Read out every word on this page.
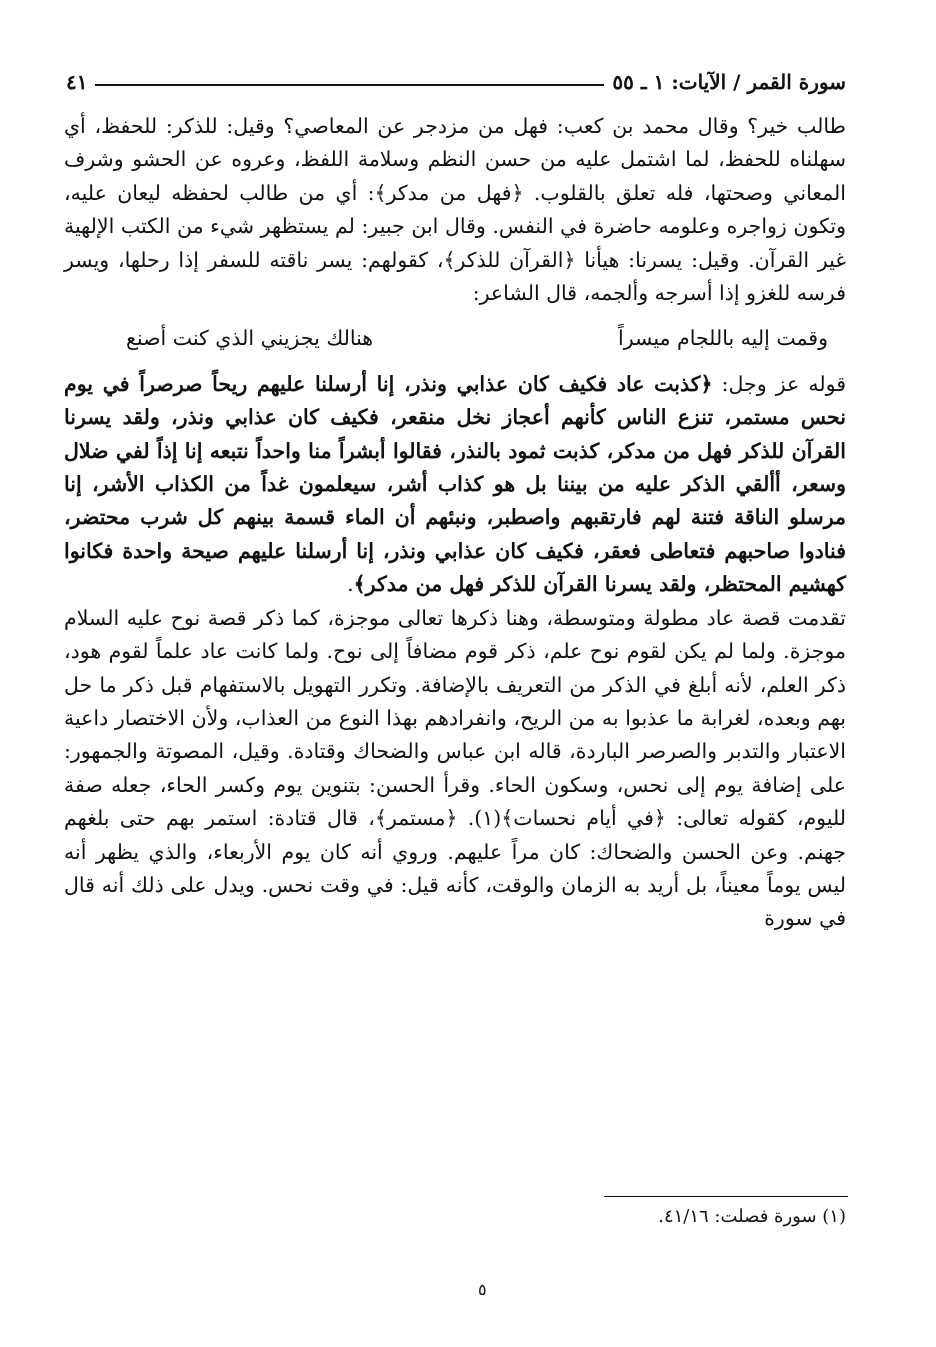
سورة القمر / الآيات: ١ ـ ٥٥
٤١

طالب خير؟ وقال محمد بن كعب: فهل من مزدجر عن المعاصي؟ وقيل: للذكر: للحفظ، أي سهلناه للحفظ، لما اشتمل عليه من حسن النظم وسلامة اللفظ، وعروه عن الحشو وشرف المعاني وصحتها، فله تعلق بالقلوب. ﴿فهل من مدكر﴾: أي من طالب لحفظه ليعان عليه، وتكون زواجره وعلومه حاضرة في النفس. وقال ابن جبير: لم يستظهر شيء من الكتب الإلهية غير القرآن. وقيل: يسرنا: هيأنا ﴿القرآن للذكر﴾، كقولهم: يسر ناقته للسفر إذا رحلها، ويسر فرسه للغزو إذا أسرجه وألجمه، قال الشاعر:

وقمت إليه باللجام ميسراً
هنالك يجزيني الذي كنت أصنع

قوله عز وجل: ﴿كذبت عاد فكيف كان عذابي ونذر، إنا أرسلنا عليهم ريحاً صرصراً في يوم نحس مستمر، تنزع الناس كأنهم أعجاز نخل منقعر، فكيف كان عذابي ونذر، ولقد يسرنا القرآن للذكر فهل من مدكر، كذبت ثمود بالنذر، فقالوا أبشراً منا واحداً نتبعه إنا إذاً لفي ضلال وسعر، أألقي الذكر عليه من بيننا بل هو كذاب أشر، سيعلمون غداً من الكذاب الأشر، إنا مرسلو الناقة فتنة لهم فارتقبهم واصطبر، ونبئهم أن الماء قسمة بينهم كل شرب محتضر، فنادوا صاحبهم فتعاطى فعقر، فكيف كان عذابي ونذر، إنا أرسلنا عليهم صيحة واحدة فكانوا كهشيم المحتظر، ولقد يسرنا القرآن للذكر فهل من مدكر﴾.

تقدمت قصة عاد مطولة ومتوسطة، وهنا ذكرها تعالى موجزة، كما ذكر قصة نوح عليه السلام موجزة. ولما لم يكن لقوم نوح علم، ذكر قوم مضافاً إلى نوح. ولما كانت عاد علماً لقوم هود، ذكر العلم، لأنه أبلغ في الذكر من التعريف بالإضافة. وتكرر التهويل بالاستفهام قبل ذكر ما حل بهم وبعده، لغرابة ما عذبوا به من الريح، وانفرادهم بهذا النوع من العذاب، ولأن الاختصار داعية الاعتبار والتدبر والصرصر الباردة، قاله ابن عباس والضحاك وقتادة. وقيل، المصوتة والجمهور: على إضافة يوم إلى نحس، وسكون الحاء. وقرأ الحسن: بتنوين يوم وكسر الحاء، جعله صفة لليوم، كقوله تعالى: ﴿في أيام نحسات﴾(١). ﴿مستمر﴾، قال قتادة: استمر بهم حتى بلغهم جهنم. وعن الحسن والضحاك: كان مراً عليهم. وروي أنه كان يوم الأربعاء، والذي يظهر أنه ليس يوماً معيناً، بل أريد به الزمان والوقت، كأنه قيل: في وقت نحس. ويدل على ذلك أنه قال في سورة

(١) سورة فصلت: ٤١/١٦.
٥
